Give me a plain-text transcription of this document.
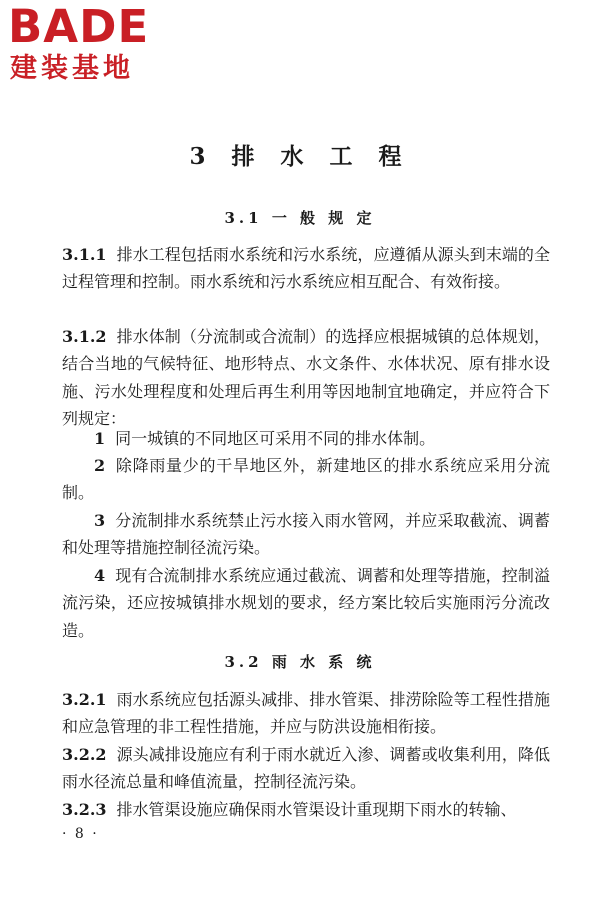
BADE
建装基地
3 排 水 工 程
3.1 一 般 规 定

3.1.1 排水工程包括雨水系统和污水系统，应遵循从源头到末端的全过程管理和控制。雨水系统和污水系统应相互配合、有效衔接。

3.1.2 排水体制（分流制或合流制）的选择应根据城镇的总体规划，结合当地的气候特征、地形特点、水文条件、水体状况、原有排水设施、污水处理程度和处理后再生利用等因地制宜地确定，并应符合下列规定：

1 同一城镇的不同地区可采用不同的排水体制。

2 除降雨量少的干旱地区外，新建地区的排水系统应采用分流制。

3 分流制排水系统禁止污水接入雨水管网，并应采取截流、调蓄和处理等措施控制径流污染。

4 现有合流制排水系统应通过截流、调蓄和处理等措施，控制溢流污染，还应按城镇排水规划的要求，经方案比较后实施雨污分流改造。

3.2 雨 水 系 统

3.2.1 雨水系统应包括源头减排、排水管渠、排涝除险等工程性措施和应急管理的非工程性措施，并应与防洪设施相衔接。

3.2.2 源头减排设施应有利于雨水就近入渗、调蓄或收集利用，降低雨水径流总量和峰值流量，控制径流污染。

3.2.3 排水管渠设施应确保雨水管渠设计重现期下雨水的转输、

· 8 ·
